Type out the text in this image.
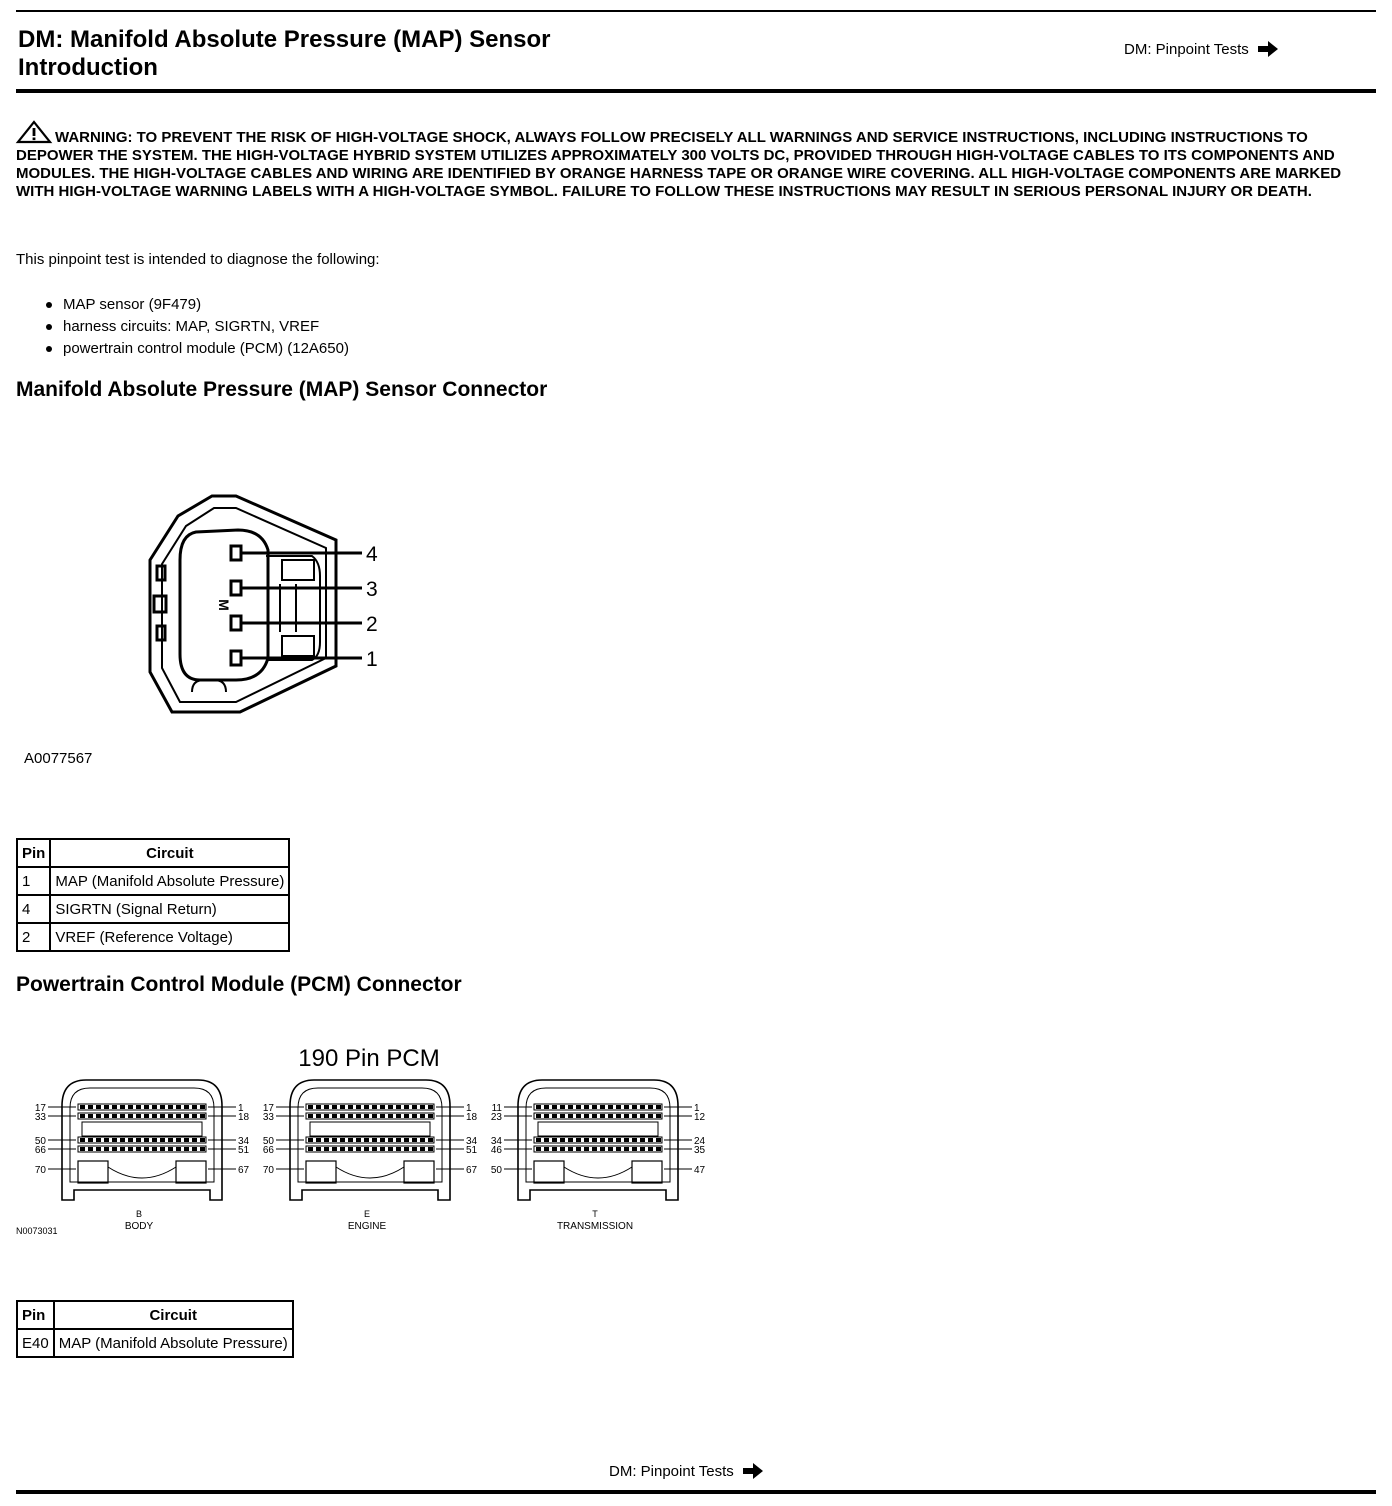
DM: Manifold Absolute Pressure (MAP) Sensor
Introduction
DM: Pinpoint Tests
WARNING: TO PREVENT THE RISK OF HIGH-VOLTAGE SHOCK, ALWAYS FOLLOW PRECISELY ALL WARNINGS AND SERVICE INSTRUCTIONS, INCLUDING INSTRUCTIONS TO DEPOWER THE SYSTEM. THE HIGH-VOLTAGE HYBRID SYSTEM UTILIZES APPROXIMATELY 300 VOLTS DC, PROVIDED THROUGH HIGH-VOLTAGE CABLES TO ITS COMPONENTS AND MODULES. THE HIGH-VOLTAGE CABLES AND WIRING ARE IDENTIFIED BY ORANGE HARNESS TAPE OR ORANGE WIRE COVERING. ALL HIGH-VOLTAGE COMPONENTS ARE MARKED WITH HIGH-VOLTAGE WARNING LABELS WITH A HIGH-VOLTAGE SYMBOL. FAILURE TO FOLLOW THESE INSTRUCTIONS MAY RESULT IN SERIOUS PERSONAL INJURY OR DEATH.
This pinpoint test is intended to diagnose the following:
MAP sensor (9F479)
harness circuits: MAP, SIGRTN, VREF
powertrain control module (PCM) (12A650)
Manifold Absolute Pressure (MAP) Sensor Connector
M
4
3
2
1
A0077567
Pin	Circuit
1	MAP (Manifold Absolute Pressure)
4	SIGRTN (Signal Return)
2	VREF (Reference Voltage)
Powertrain Control Module (PCM) Connector
190 Pin PCM
17	1
33	18
50	34
66	51
70	67
B
BODY
17	1
33	18
50	34
66	51
70	67
E
ENGINE
11	1
23	12
34	24
46	35
50	47
T
TRANSMISSION
N0073031
Pin	Circuit
E40	MAP (Manifold Absolute Pressure)
DM: Pinpoint Tests
